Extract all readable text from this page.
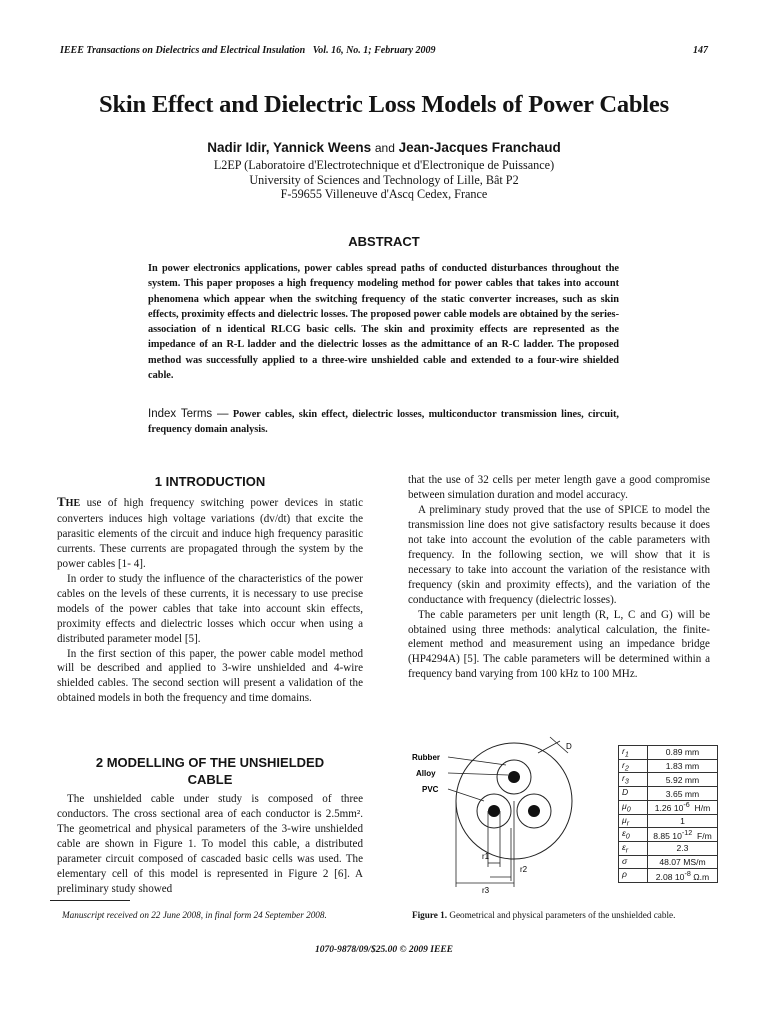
IEEE Transactions on Dielectrics and Electrical Insulation Vol. 16, No. 1; February 2009	147
Skin Effect and Dielectric Loss Models of Power Cables
Nadir Idir, Yannick Weens and Jean-Jacques Franchaud
L2EP (Laboratoire d'Electrotechnique et d'Electronique de Puissance)
University of Sciences and Technology of Lille, Bât P2
F-59655 Villeneuve d'Ascq Cedex, France
ABSTRACT
In power electronics applications, power cables spread paths of conducted disturbances throughout the system. This paper proposes a high frequency modeling method for power cables that takes into account phenomena which appear when the switching frequency of the static converter increases, such as skin effects, proximity effects and dielectric losses. The proposed power cable models are obtained by the series-association of n identical RLCG basic cells. The skin and proximity effects are represented as the impedance of an R-L ladder and the dielectric losses as the admittance of an R-C ladder. The proposed method was successfully applied to a three-wire unshielded cable and extended to a four-wire shielded cable.
Index Terms — Power cables, skin effect, dielectric losses, multiconductor transmission lines, circuit, frequency domain analysis.
1 INTRODUCTION

THE use of high frequency switching power devices in static converters induces high voltage variations (dv/dt) that excite the parasitic elements of the circuit and induce high frequency parasitic currents. These currents are propagated through the system by the power cables [1- 4].

In order to study the influence of the characteristics of the power cables on the levels of these currents, it is necessary to use precise models of the power cables that take into account skin effects, proximity effects and dielectric losses which occur when using a distributed parameter model [5].

In the first section of this paper, the power cable model method will be described and applied to 3-wire unshielded and 4-wire shielded cables. The second section will present a validation of the obtained models in both the frequency and time domains.

2 MODELLING OF THE UNSHIELDED
CABLE

The unshielded cable under study is composed of three conductors. The cross sectional area of each conductor is 2.5mm². The geometrical and physical parameters of the 3-wire unshielded cable are shown in Figure 1. To model this cable, a distributed parameter circuit composed of cascaded basic cells was used. The elementary cell of this model is represented in Figure 2 [6]. A preliminary study showed

that the use of 32 cells per meter length gave a good compromise between simulation duration and model accuracy.

A preliminary study proved that the use of SPICE to model the transmission line does not give satisfactory results because it does not take into account the evolution of the cable parameters with frequency. In the following section, we will show that it is necessary to take into account the variation of the resistance with frequency (skin and proximity effects), and the variation of the conductance with frequency (dielectric losses).

The cable parameters per unit length (R, L, C and G) will be obtained using three methods: analytical calculation, the finite-element method and measurement using an impedance bridge (HP4294A) [5]. The cable parameters will be determined within a frequency band varying from 100 kHz to 100 MHz.

Rubber
Alloy
PVC
D
r1
r2
r3
$r_1$	0.89 mm
$r_2$	1.83 mm
$r_3$	5.92 mm
D	3.65 mm
$\mu_0$	1.26 $10^{-6}$  H/m
$\mu_r$	1
$\varepsilon_0$	8.85 $10^{-12}$  F/m
$\varepsilon_r$	2.3
σ	48.07 MS/m
ρ	2.08 $10^{-8}$ Ω.m
Figure 1. Geometrical and physical parameters of the unshielded cable.
Manuscript received on 22 June 2008, in final form 24 September 2008.
1070-9878/09/$25.00 © 2009 IEEE
